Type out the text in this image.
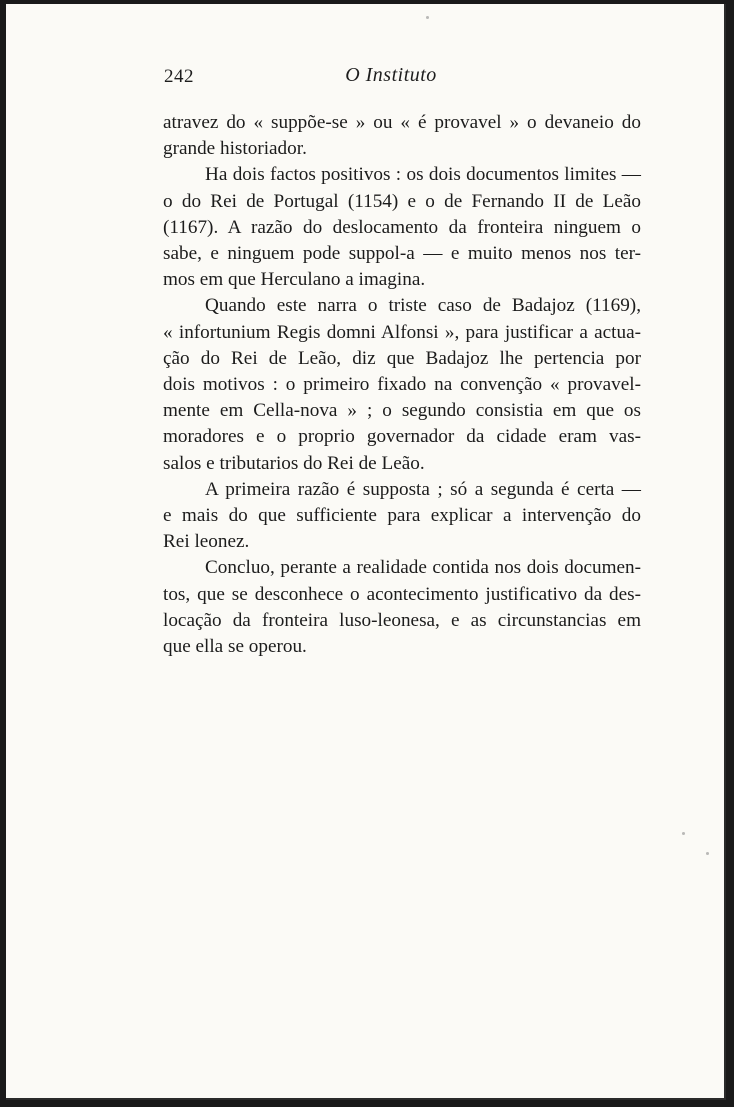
242	O Instituto

atravez do « suppõe-se » ou « é provavel » o devaneio do
grande historiador.

Ha dois factos positivos : os dois documentos limites —
o do Rei de Portugal (1154) e o de Fernando II de Leão
(1167). A razão do deslocamento da fronteira ninguem o
sabe, e ninguem pode suppol-a — e muito menos nos ter-
mos em que Herculano a imagina.

Quando este narra o triste caso de Badajoz (1169),
« infortunium Regis domni Alfonsi », para justificar a actua-
ção do Rei de Leão, diz que Badajoz lhe pertencia por
dois motivos : o primeiro fixado na convenção « provavel-
mente em Cella-nova » ; o segundo consistia em que os
moradores e o proprio governador da cidade eram vas-
salos e tributarios do Rei de Leão.

A primeira razão é supposta ; só a segunda é certa —
e mais do que sufficiente para explicar a intervenção do
Rei leonez.

Concluo, perante a realidade contida nos dois documen-
tos, que se desconhece o acontecimento justificativo da des-
locação da fronteira luso-leonesa, e as circunstancias em
que ella se operou.
